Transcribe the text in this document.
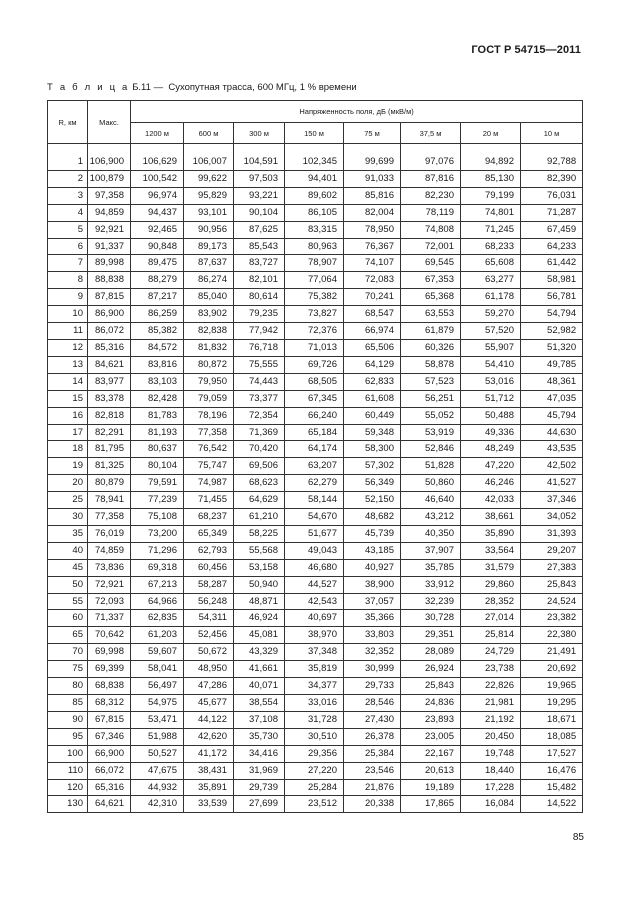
ГОСТ Р 54715—2011
Т а б л и ц а Б.11 — Сухопутная трасса, 600 МГц, 1 % времени
R, км	Макс.	Напряженность поля, дБ (мкВ/м)							
		1200 м	600 м	300 м	150 м	75 м	37,5 м	20 м	10 м

1	106,900	106,629	106,007	104,591	102,345	99,699	97,076	94,892	92,788
2	100,879	100,542	99,622	97,503	94,401	91,033	87,816	85,130	82,390
3	97,358	96,974	95,829	93,221	89,602	85,816	82,230	79,199	76,031
4	94,859	94,437	93,101	90,104	86,105	82,004	78,119	74,801	71,287
5	92,921	92,465	90,956	87,625	83,315	78,950	74,808	71,245	67,459
6	91,337	90,848	89,173	85,543	80,963	76,367	72,001	68,233	64,233
7	89,998	89,475	87,637	83,727	78,907	74,107	69,545	65,608	61,442
8	88,838	88,279	86,274	82,101	77,064	72,083	67,353	63,277	58,981
9	87,815	87,217	85,040	80,614	75,382	70,241	65,368	61,178	56,781
10	86,900	86,259	83,902	79,235	73,827	68,547	63,553	59,270	54,794
11	86,072	85,382	82,838	77,942	72,376	66,974	61,879	57,520	52,982
12	85,316	84,572	81,832	76,718	71,013	65,506	60,326	55,907	51,320
13	84,621	83,816	80,872	75,555	69,726	64,129	58,878	54,410	49,785
14	83,977	83,103	79,950	74,443	68,505	62,833	57,523	53,016	48,361
15	83,378	82,428	79,059	73,377	67,345	61,608	56,251	51,712	47,035
16	82,818	81,783	78,196	72,354	66,240	60,449	55,052	50,488	45,794
17	82,291	81,193	77,358	71,369	65,184	59,348	53,919	49,336	44,630
18	81,795	80,637	76,542	70,420	64,174	58,300	52,846	48,249	43,535
19	81,325	80,104	75,747	69,506	63,207	57,302	51,828	47,220	42,502
20	80,879	79,591	74,987	68,623	62,279	56,349	50,860	46,246	41,527
25	78,941	77,239	71,455	64,629	58,144	52,150	46,640	42,033	37,346
30	77,358	75,108	68,237	61,210	54,670	48,682	43,212	38,661	34,052
35	76,019	73,200	65,349	58,225	51,677	45,739	40,350	35,890	31,393
40	74,859	71,296	62,793	55,568	49,043	43,185	37,907	33,564	29,207
45	73,836	69,318	60,456	53,158	46,680	40,927	35,785	31,579	27,383
50	72,921	67,213	58,287	50,940	44,527	38,900	33,912	29,860	25,843
55	72,093	64,966	56,248	48,871	42,543	37,057	32,239	28,352	24,524
60	71,337	62,835	54,311	46,924	40,697	35,366	30,728	27,014	23,382
65	70,642	61,203	52,456	45,081	38,970	33,803	29,351	25,814	22,380
70	69,998	59,607	50,672	43,329	37,348	32,352	28,089	24,729	21,491
75	69,399	58,041	48,950	41,661	35,819	30,999	26,924	23,738	20,692
80	68,838	56,497	47,286	40,071	34,377	29,733	25,843	22,826	19,965
85	68,312	54,975	45,677	38,554	33,016	28,546	24,836	21,981	19,295
90	67,815	53,471	44,122	37,108	31,728	27,430	23,893	21,192	18,671
95	67,346	51,988	42,620	35,730	30,510	26,378	23,005	20,450	18,085
100	66,900	50,527	41,172	34,416	29,356	25,384	22,167	19,748	17,527
110	66,072	47,675	38,431	31,969	27,220	23,546	20,613	18,440	16,476
120	65,316	44,932	35,891	29,739	25,284	21,876	19,189	17,228	15,482
130	64,621	42,310	33,539	27,699	23,512	20,338	17,865	16,084	14,522
85
